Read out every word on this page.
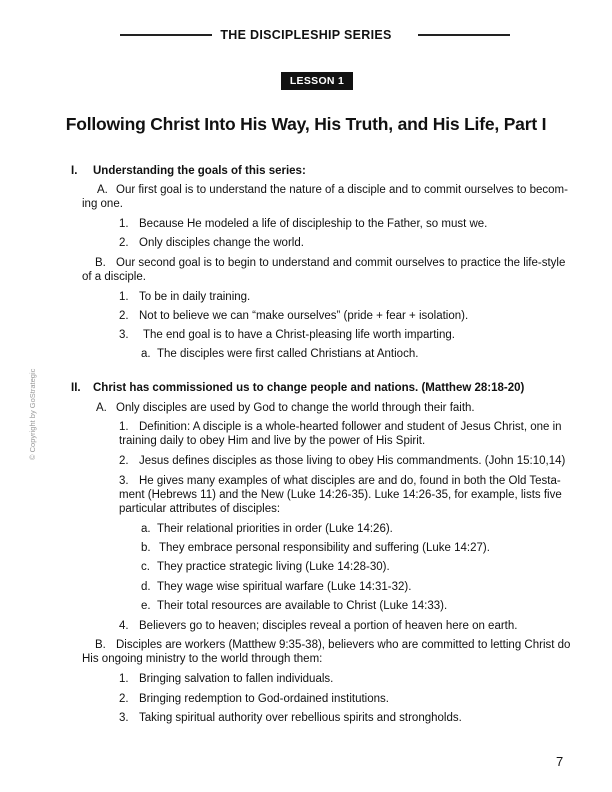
THE DISCIPLESHIP SERIES
LESSON 1
Following Christ Into His Way, His Truth, and His Life, Part I
© Copyright by GoStrategic
I. Understanding the goals of this series:
A. Our first goal is to understand the nature of a disciple and to commit ourselves to becom-
ing one.
1. Because He modeled a life of discipleship to the Father, so must we.
2. Only disciples change the world.
B. Our second goal is to begin to understand and commit ourselves to practice the life-style
of a disciple.
1. To be in daily training.
2. Not to believe we can “make ourselves” (pride + fear + isolation).
3. The end goal is to have a Christ-pleasing life worth imparting.
a. The disciples were first called Christians at Antioch.
II. Christ has commissioned us to change people and nations. (Matthew 28:18-20)
A. Only disciples are used by God to change the world through their faith.
1. Definition: A disciple is a whole-hearted follower and student of Jesus Christ, one in
training daily to obey Him and live by the power of His Spirit.
2. Jesus defines disciples as those living to obey His commandments. (John 15:10,14)
3. He gives many examples of what disciples are and do, found in both the Old Testa-
ment (Hebrews 11) and the New (Luke 14:26-35). Luke 14:26-35, for example, lists five
particular attributes of disciples:
a. Their relational priorities in order (Luke 14:26).
b. They embrace personal responsibility and suffering (Luke 14:27).
c. They practice strategic living (Luke 14:28-30).
d. They wage wise spiritual warfare (Luke 14:31-32).
e. Their total resources are available to Christ (Luke 14:33).
4. Believers go to heaven; disciples reveal a portion of heaven here on earth.
B. Disciples are workers (Matthew 9:35-38), believers who are committed to letting Christ do
His ongoing ministry to the world through them:
1. Bringing salvation to fallen individuals.
2. Bringing redemption to God-ordained institutions.
3. Taking spiritual authority over rebellious spirits and strongholds.
7
